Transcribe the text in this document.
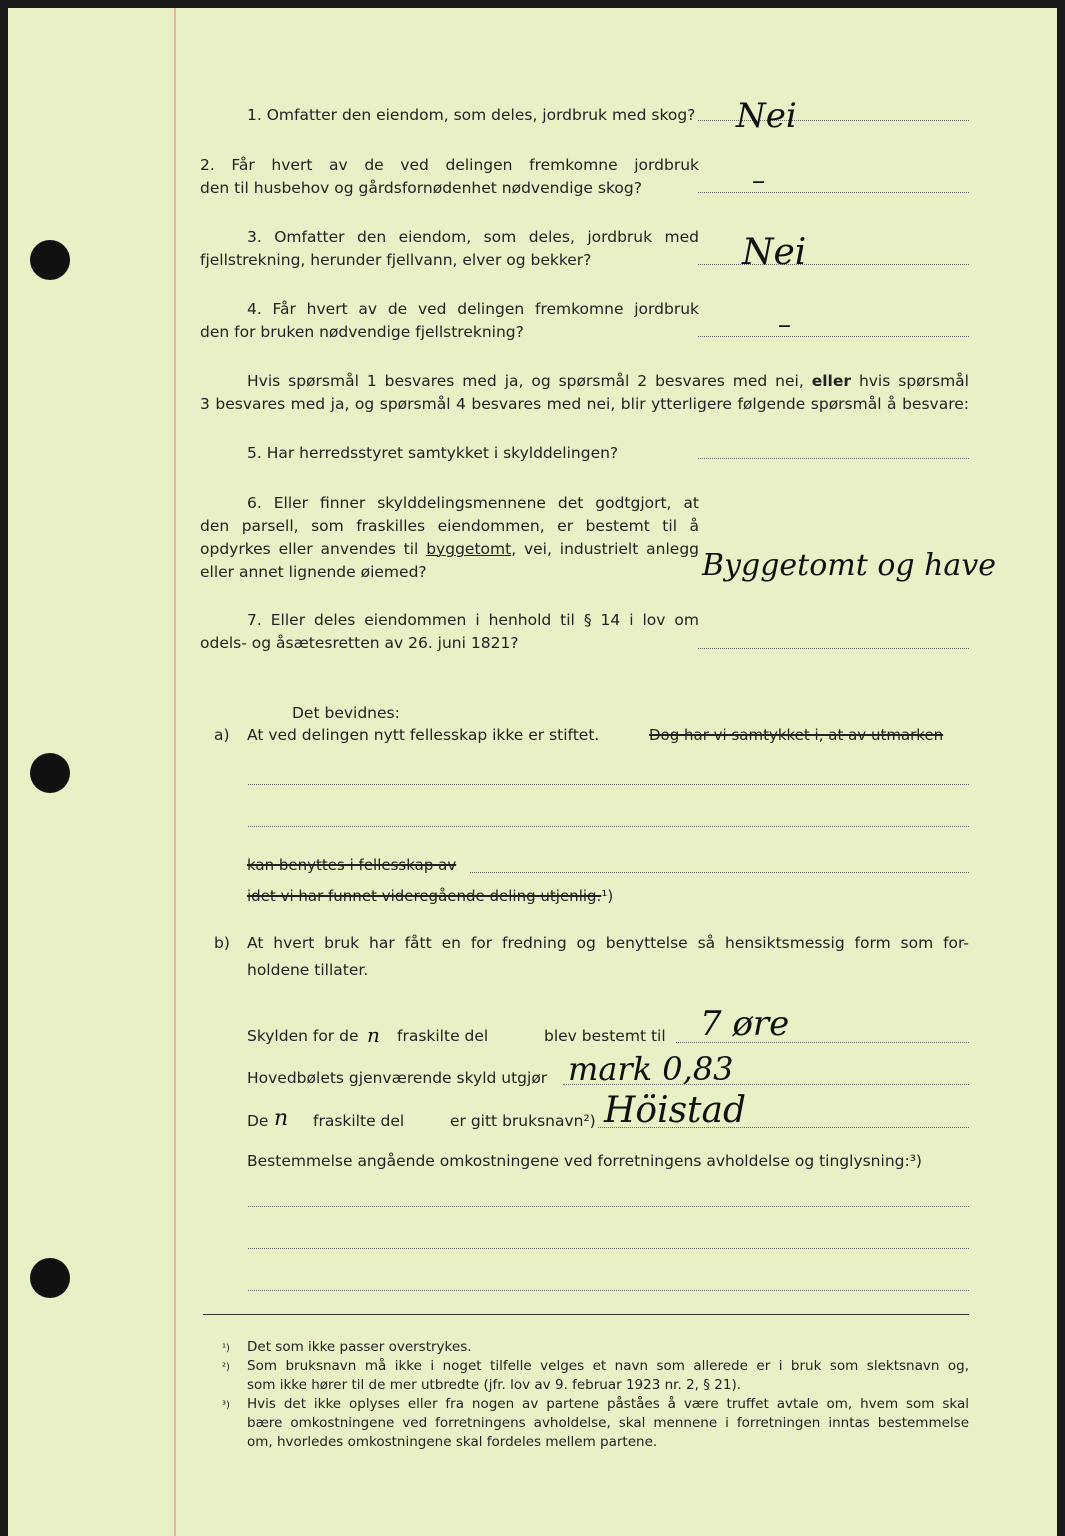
1. Omfatter den eiendom, som deles, jordbruk med skog? Nei
2. Får hvert av de ved delingen fremkomne jordbruk
den til husbehov og gårdsfornødenhet nødvendige skog?	–
3. Omfatter den eiendom, som deles, jordbruk med
fjellstrekning, herunder fjellvann, elver og bekker?	Nei
4. Får hvert av de ved delingen fremkomne jordbruk
den for bruken nødvendige fjellstrekning?	–
Hvis spørsmål 1 besvares med ja, og spørsmål 2 besvares med nei, eller hvis spørsmål
3 besvares med ja, og spørsmål 4 besvares med nei, blir ytterligere følgende spørsmål å besvare:
5. Har herredsstyret samtykket i skylddelingen?
6. Eller finner skylddelingsmennene det godtgjort, at
den parsell, som fraskilles eiendommen, er bestemt til å
opdyrkes eller anvendes til byggetomt, vei, industrielt anlegg
eller annet lignende øiemed?	Byggetomt og have
7. Eller deles eiendommen i henhold til § 14 i lov om
odels- og åsætesretten av 26. juni 1821?
Det bevidnes:
a) At ved delingen nytt fellesskap ikke er stiftet.	Dog har vi samtykket i, at av utmarken
kan benyttes i fellesskap av
idet vi har funnet videregående deling utjenlig.¹)
b) At hvert bruk har fått en for fredning og benyttelse så hensiktsmessig form som for-
holdene tillater.
Skylden for de n fraskilte del	blev bestemt til 7 øre
Hovedbølets gjenværende skyld utgjør mark 0,83
De n fraskilte del	er gitt bruksnavn²) Höistad
Bestemmelse angående omkostningene ved forretningens avholdelse og tinglysning:³)
¹) Det som ikke passer overstrykes.
²) Som bruksnavn må ikke i noget tilfelle velges et navn som allerede er i bruk som slektsnavn og,
som ikke hører til de mer utbredte (jfr. lov av 9. februar 1923 nr. 2, § 21).
³) Hvis det ikke oplyses eller fra nogen av partene påståes å være truffet avtale om, hvem som skal
bære omkostningene ved forretningens avholdelse, skal mennene i forretningen inntas bestemmelse
om, hvorledes omkostningene skal fordeles mellem partene.
